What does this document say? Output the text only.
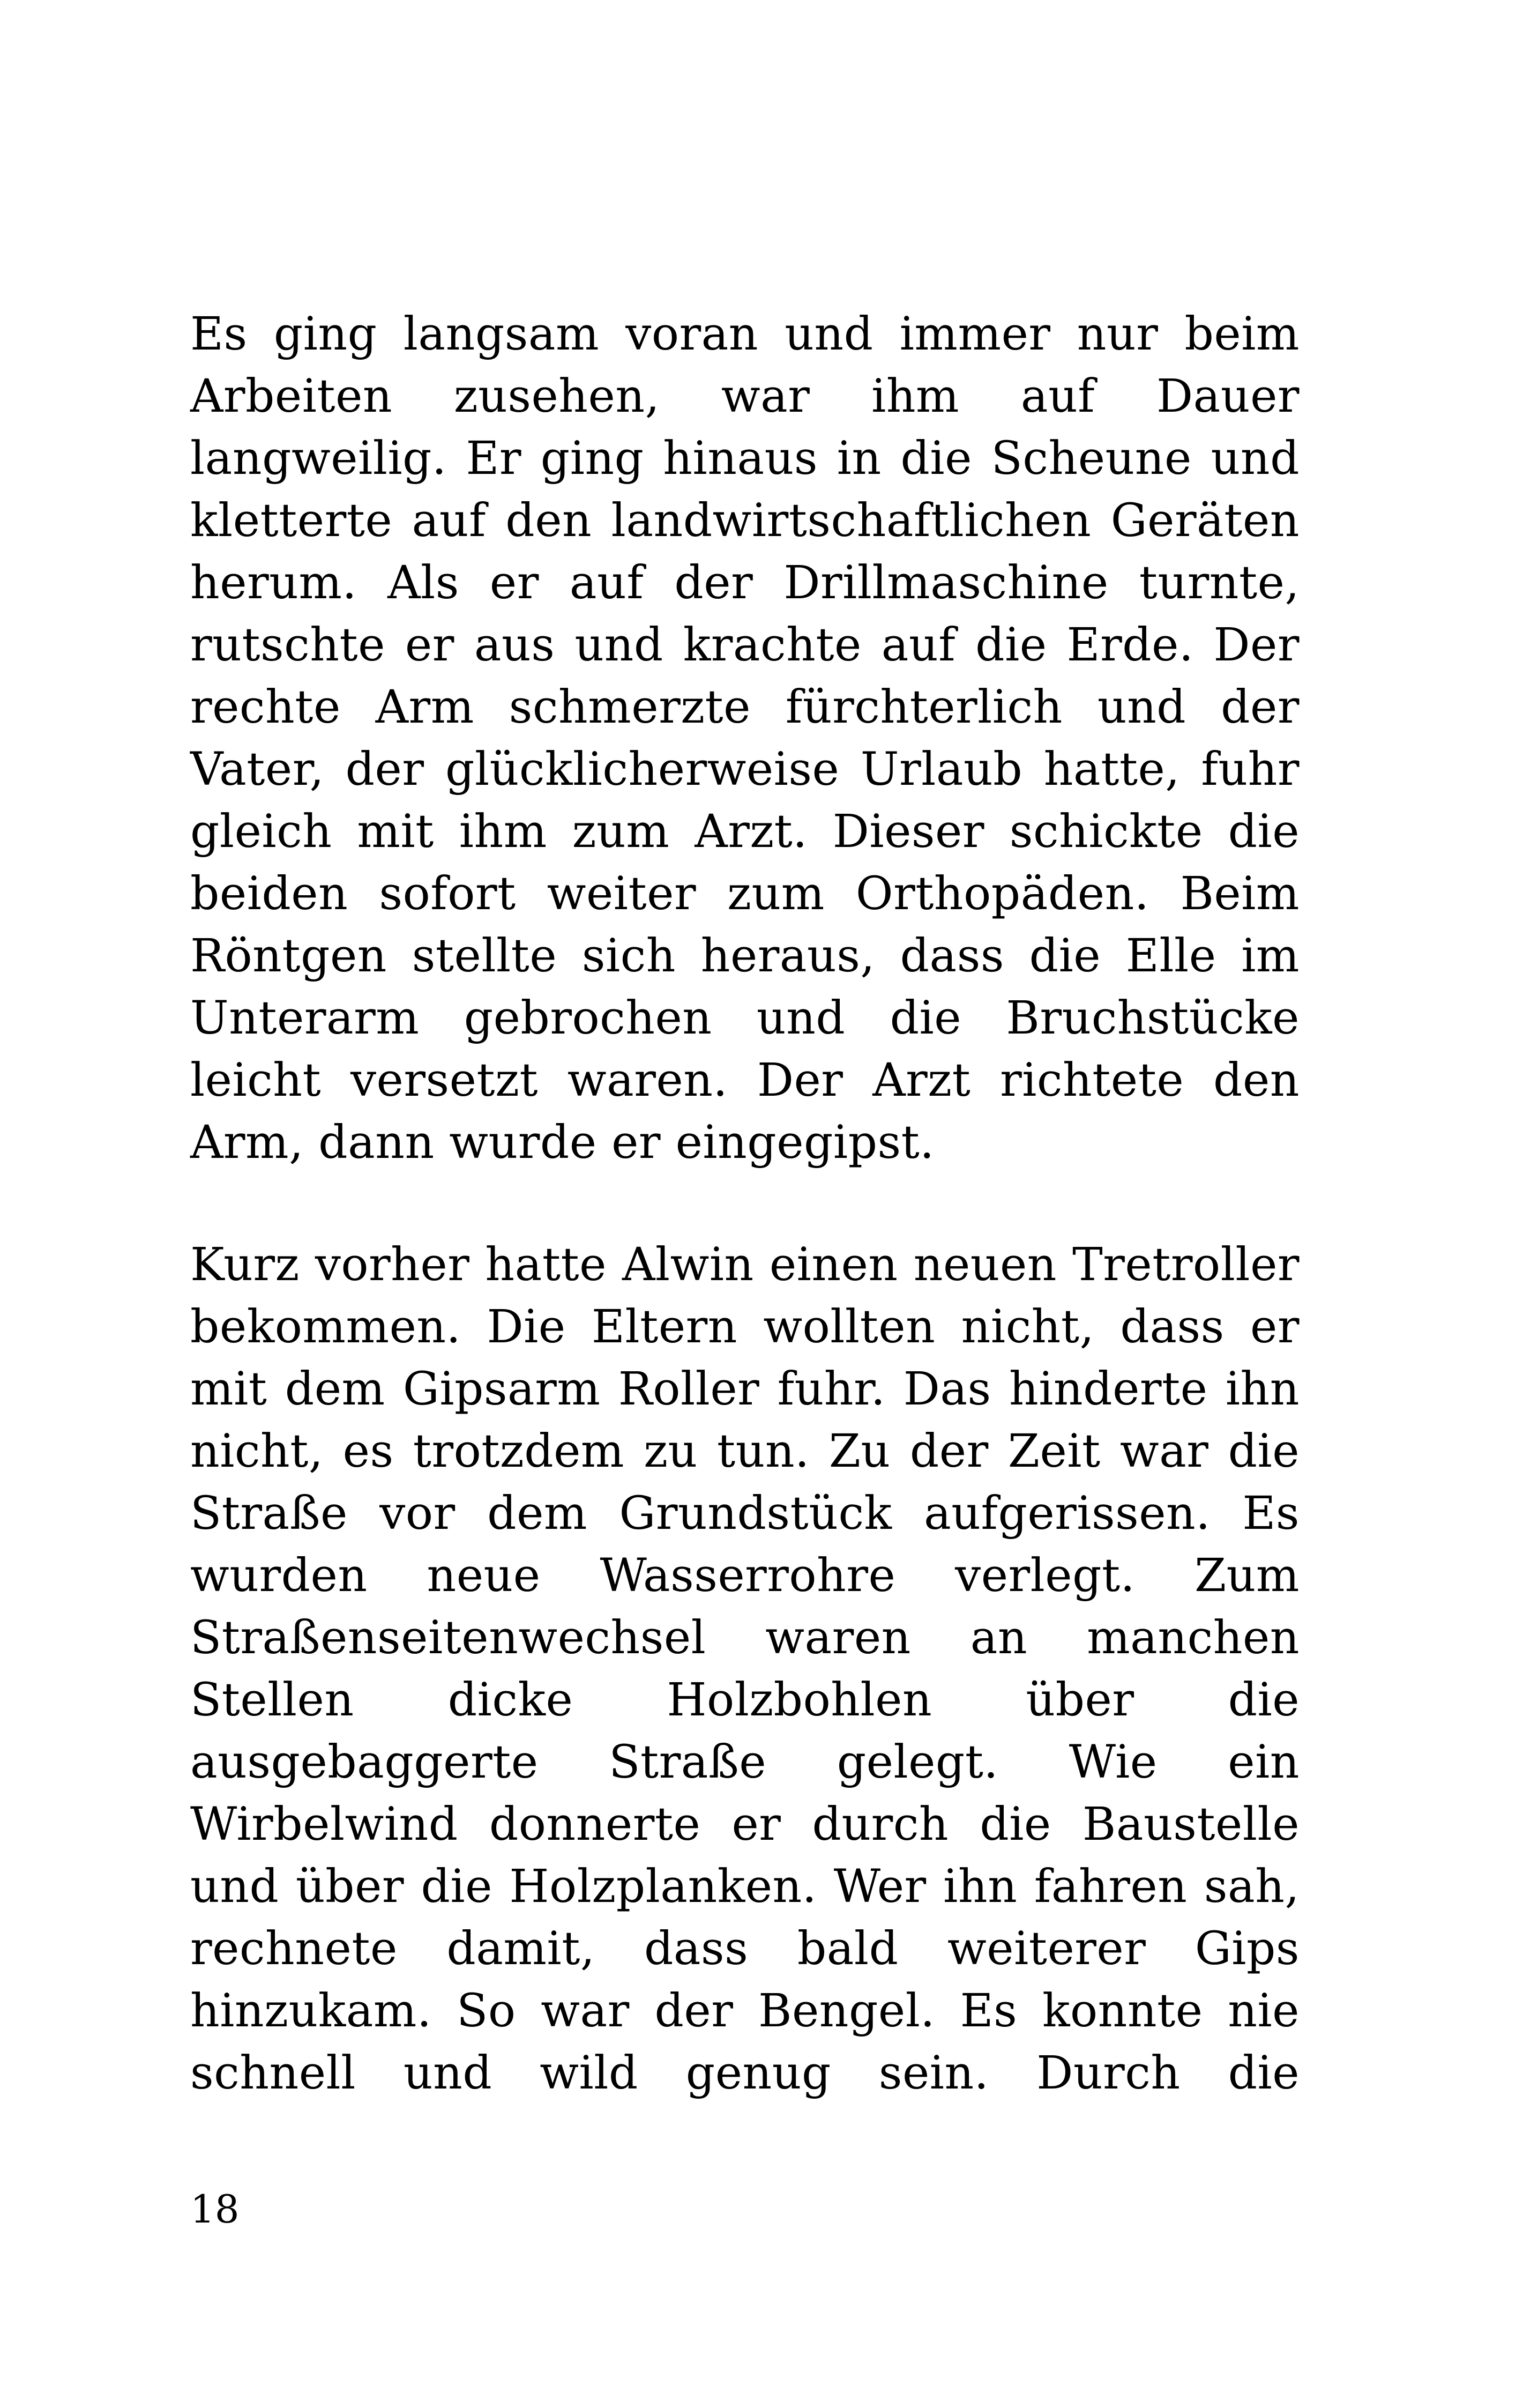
Es ging langsam voran und immer nur beim
Arbeiten zusehen, war ihm auf Dauer
langweilig. Er ging hinaus in die Scheune und
kletterte auf den landwirtschaftlichen Geräten
herum. Als er auf der Drillmaschine turnte,
rutschte er aus und krachte auf die Erde. Der
rechte Arm schmerzte fürchterlich und der
Vater, der glücklicherweise Urlaub hatte, fuhr
gleich mit ihm zum Arzt. Dieser schickte die
beiden sofort weiter zum Orthopäden. Beim
Röntgen stellte sich heraus, dass die Elle im
Unterarm gebrochen und die Bruchstücke
leicht versetzt waren. Der Arzt richtete den
Arm, dann wurde er eingegipst.
Kurz vorher hatte Alwin einen neuen Tretroller
bekommen. Die Eltern wollten nicht, dass er
mit dem Gipsarm Roller fuhr. Das hinderte ihn
nicht, es trotzdem zu tun. Zu der Zeit war die
Straße vor dem Grundstück aufgerissen. Es
wurden neue Wasserrohre verlegt. Zum
Straßenseitenwechsel waren an manchen
Stellen dicke Holzbohlen über die
ausgebaggerte Straße gelegt. Wie ein
Wirbelwind donnerte er durch die Baustelle
und über die Holzplanken. Wer ihn fahren sah,
rechnete damit, dass bald weiterer Gips
hinzukam. So war der Bengel. Es konnte nie
schnell und wild genug sein. Durch die
18
